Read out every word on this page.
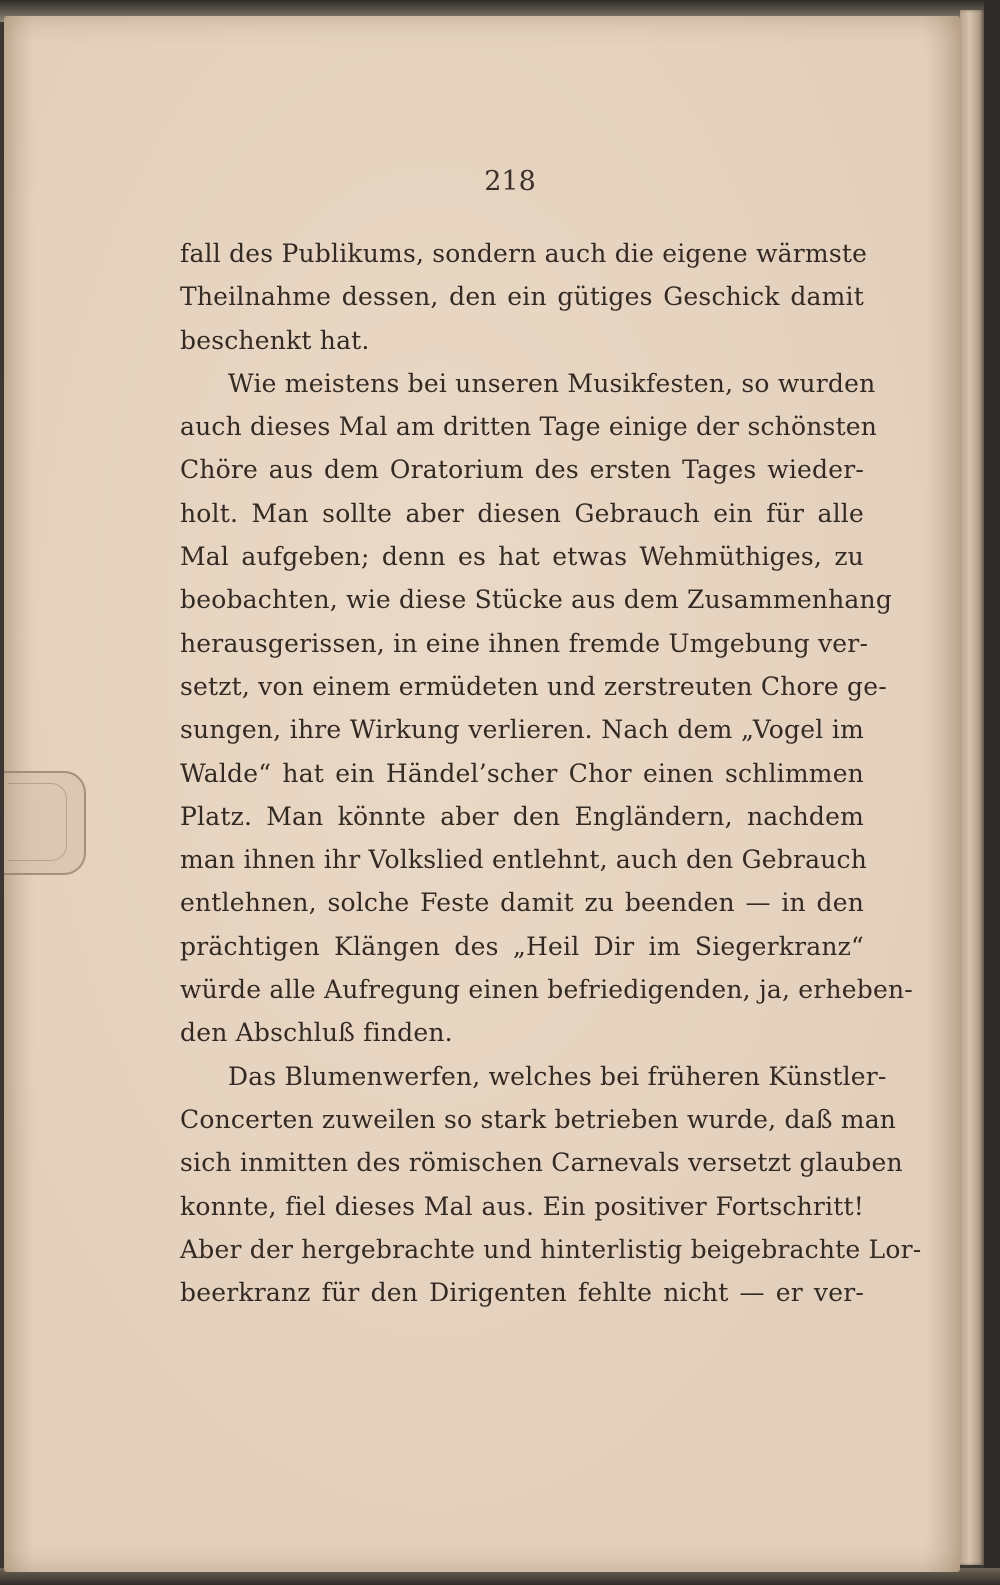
218
fall des Publikums, sondern auch die eigene wärmste
Theilnahme dessen, den ein gütiges Geschick damit
beschenkt hat.
Wie meistens bei unseren Musikfesten, so wurden
auch dieses Mal am dritten Tage einige der schönsten
Chöre aus dem Oratorium des ersten Tages wieder-
holt. Man sollte aber diesen Gebrauch ein für alle
Mal aufgeben; denn es hat etwas Wehmüthiges, zu
beobachten, wie diese Stücke aus dem Zusammenhang
herausgerissen, in eine ihnen fremde Umgebung ver-
setzt, von einem ermüdeten und zerstreuten Chore ge-
sungen, ihre Wirkung verlieren. Nach dem „Vogel im
Walde“ hat ein Händel’scher Chor einen schlimmen
Platz. Man könnte aber den Engländern, nachdem
man ihnen ihr Volkslied entlehnt, auch den Gebrauch
entlehnen, solche Feste damit zu beenden — in den
prächtigen Klängen des „Heil Dir im Siegerkranz“
würde alle Aufregung einen befriedigenden, ja, erheben-
den Abschluß finden.
Das Blumenwerfen, welches bei früheren Künstler-
Concerten zuweilen so stark betrieben wurde, daß man
sich inmitten des römischen Carnevals versetzt glauben
konnte, fiel dieses Mal aus. Ein positiver Fortschritt!
Aber der hergebrachte und hinterlistig beigebrachte Lor-
beerkranz für den Dirigenten fehlte nicht — er ver-
